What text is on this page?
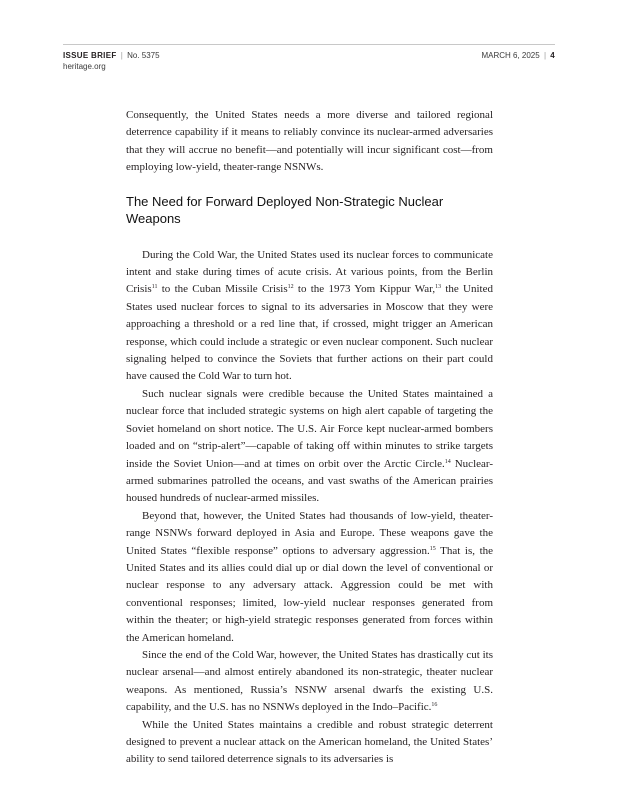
ISSUE BRIEF | No. 5375
heritage.org
MARCH 6, 2025 | 4

Consequently, the United States needs a more diverse and tailored regional deterrence capability if it means to reliably convince its nuclear-armed adversaries that they will accrue no benefit—and potentially will incur significant cost—from employing low-yield, theater-range NSNWs.

The Need for Forward Deployed Non-Strategic Nuclear Weapons

During the Cold War, the United States used its nuclear forces to communicate intent and stake during times of acute crisis. At various points, from the Berlin Crisis$^{11}$ to the Cuban Missile Crisis$^{12}$ to the 1973 Yom Kippur War,$^{13}$ the United States used nuclear forces to signal to its adversaries in Moscow that they were approaching a threshold or a red line that, if crossed, might trigger an American response, which could include a strategic or even nuclear component. Such nuclear signaling helped to convince the Soviets that further actions on their part could have caused the Cold War to turn hot.

Such nuclear signals were credible because the United States maintained a nuclear force that included strategic systems on high alert capable of targeting the Soviet homeland on short notice. The U.S. Air Force kept nuclear-armed bombers loaded and on “strip-alert”—capable of taking off within minutes to strike targets inside the Soviet Union—and at times on orbit over the Arctic Circle.$^{14}$ Nuclear-armed submarines patrolled the oceans, and vast swaths of the American prairies housed hundreds of nuclear-armed missiles.

Beyond that, however, the United States had thousands of low-yield, theater-range NSNWs forward deployed in Asia and Europe. These weapons gave the United States “flexible response” options to adversary aggression.$^{15}$ That is, the United States and its allies could dial up or dial down the level of conventional or nuclear response to any adversary attack. Aggression could be met with conventional responses; limited, low-yield nuclear responses generated from within the theater; or high-yield strategic responses generated from forces within the American homeland.

Since the end of the Cold War, however, the United States has drastically cut its nuclear arsenal—and almost entirely abandoned its non-strategic, theater nuclear weapons. As mentioned, Russia’s NSNW arsenal dwarfs the existing U.S. capability, and the U.S. has no NSNWs deployed in the Indo–Pacific.$^{16}$

While the United States maintains a credible and robust strategic deterrent designed to prevent a nuclear attack on the American homeland, the United States’ ability to send tailored deterrence signals to its adversaries is
